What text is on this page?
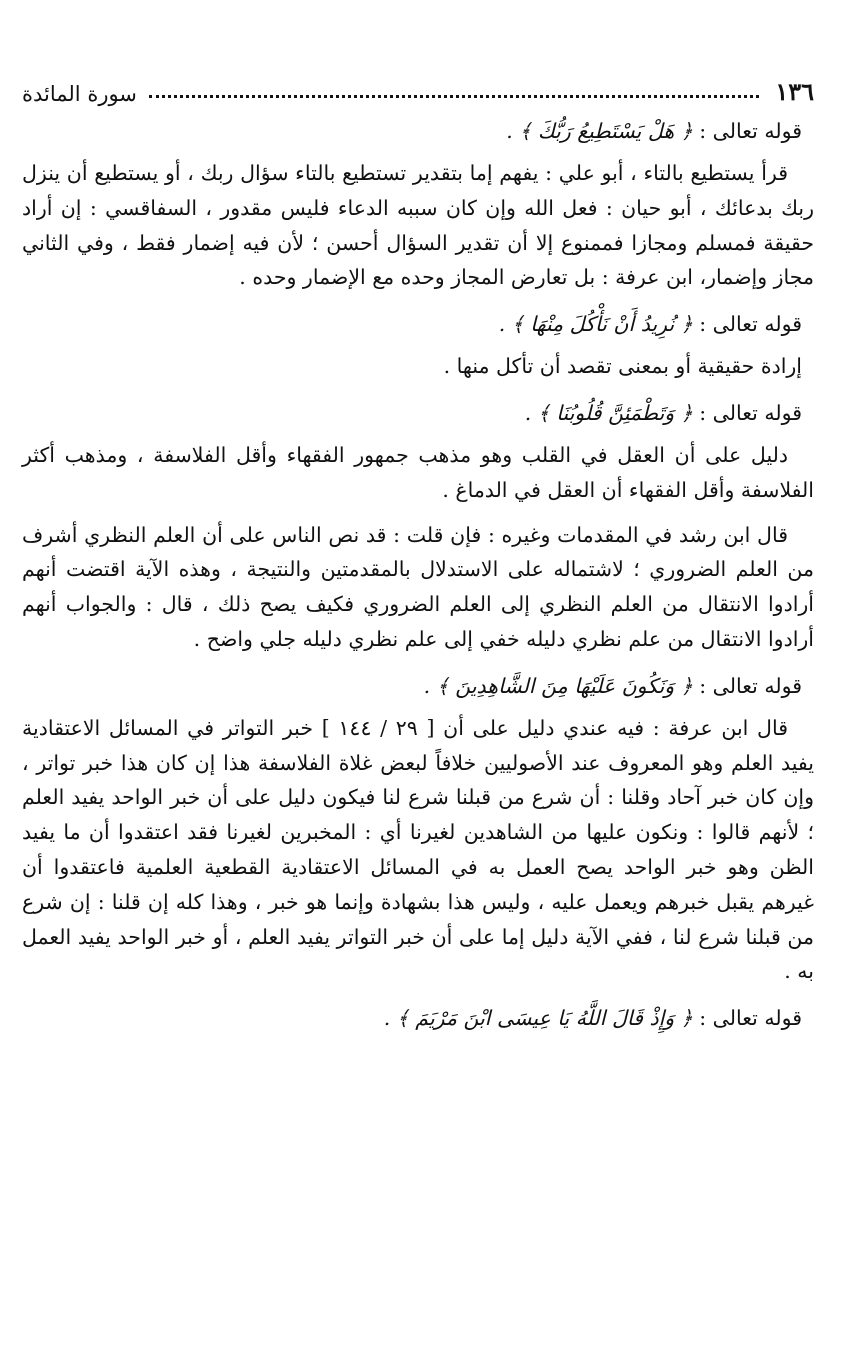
١٣٦
سورة المائدة
قوله تعالى : ﴿ هَلْ يَسْتَطِيعُ رَبُّكَ ﴾ .

قرأ يستطيع بالتاء ، أبو علي : يفهم إما بتقدير تستطيع بالتاء سؤال ربك ، أو يستطيع أن ينزل ربك بدعائك ، أبو حيان : فعل الله وإن كان سببه الدعاء فليس مقدور ، السفاقسي : إن أراد حقيقة فمسلم ومجازا فممنوع إلا أن تقدير السؤال أحسن ؛ لأن فيه إضمار فقط ، وفي الثاني مجاز وإضمار، ابن عرفة : بل تعارض المجاز وحده مع الإضمار وحده .

قوله تعالى : ﴿ نُرِيدُ أَنْ نَأْكُلَ مِنْهَا ﴾ .

إرادة حقيقية أو بمعنى تقصد أن تأكل منها .

قوله تعالى : ﴿ وَتَطْمَئِنَّ قُلُوبُنَا ﴾ .

دليل على أن العقل في القلب وهو مذهب جمهور الفقهاء وأقل الفلاسفة ، ومذهب أكثر الفلاسفة وأقل الفقهاء أن العقل في الدماغ .

قال ابن رشد في المقدمات وغيره : فإن قلت : قد نص الناس على أن العلم النظري أشرف من العلم الضروري ؛ لاشتماله على الاستدلال بالمقدمتين والنتيجة ، وهذه الآية اقتضت أنهم أرادوا الانتقال من العلم النظري إلى العلم الضروري فكيف يصح ذلك ، قال : والجواب أنهم أرادوا الانتقال من علم نظري دليله خفي إلى علم نظري دليله جلي واضح .

قوله تعالى : ﴿ وَنَكُونَ عَلَيْهَا مِنَ الشَّاهِدِينَ ﴾ .

قال ابن عرفة : فيه عندي دليل على أن [ ٢٩ / ١٤٤ ] خبر التواتر في المسائل الاعتقادية يفيد العلم وهو المعروف عند الأصوليين خلافاً لبعض غلاة الفلاسفة هذا إن كان هذا خبر تواتر ، وإن كان خبر آحاد وقلنا : أن شرع من قبلنا شرع لنا فيكون دليل على أن خبر الواحد يفيد العلم ؛ لأنهم قالوا : ونكون عليها من الشاهدين لغيرنا أي : المخبرين لغيرنا فقد اعتقدوا أن ما يفيد الظن وهو خبر الواحد يصح العمل به في المسائل الاعتقادية القطعية العلمية فاعتقدوا أن غيرهم يقبل خبرهم ويعمل عليه ، وليس هذا بشهادة وإنما هو خبر ، وهذا كله إن قلنا : إن شرع من قبلنا شرع لنا ، ففي الآية دليل إما على أن خبر التواتر يفيد العلم ، أو خبر الواحد يفيد العمل به .

قوله تعالى : ﴿ وَإِذْ قَالَ اللَّهُ يَا عِيسَى ابْنَ مَرْيَمَ ﴾ .
